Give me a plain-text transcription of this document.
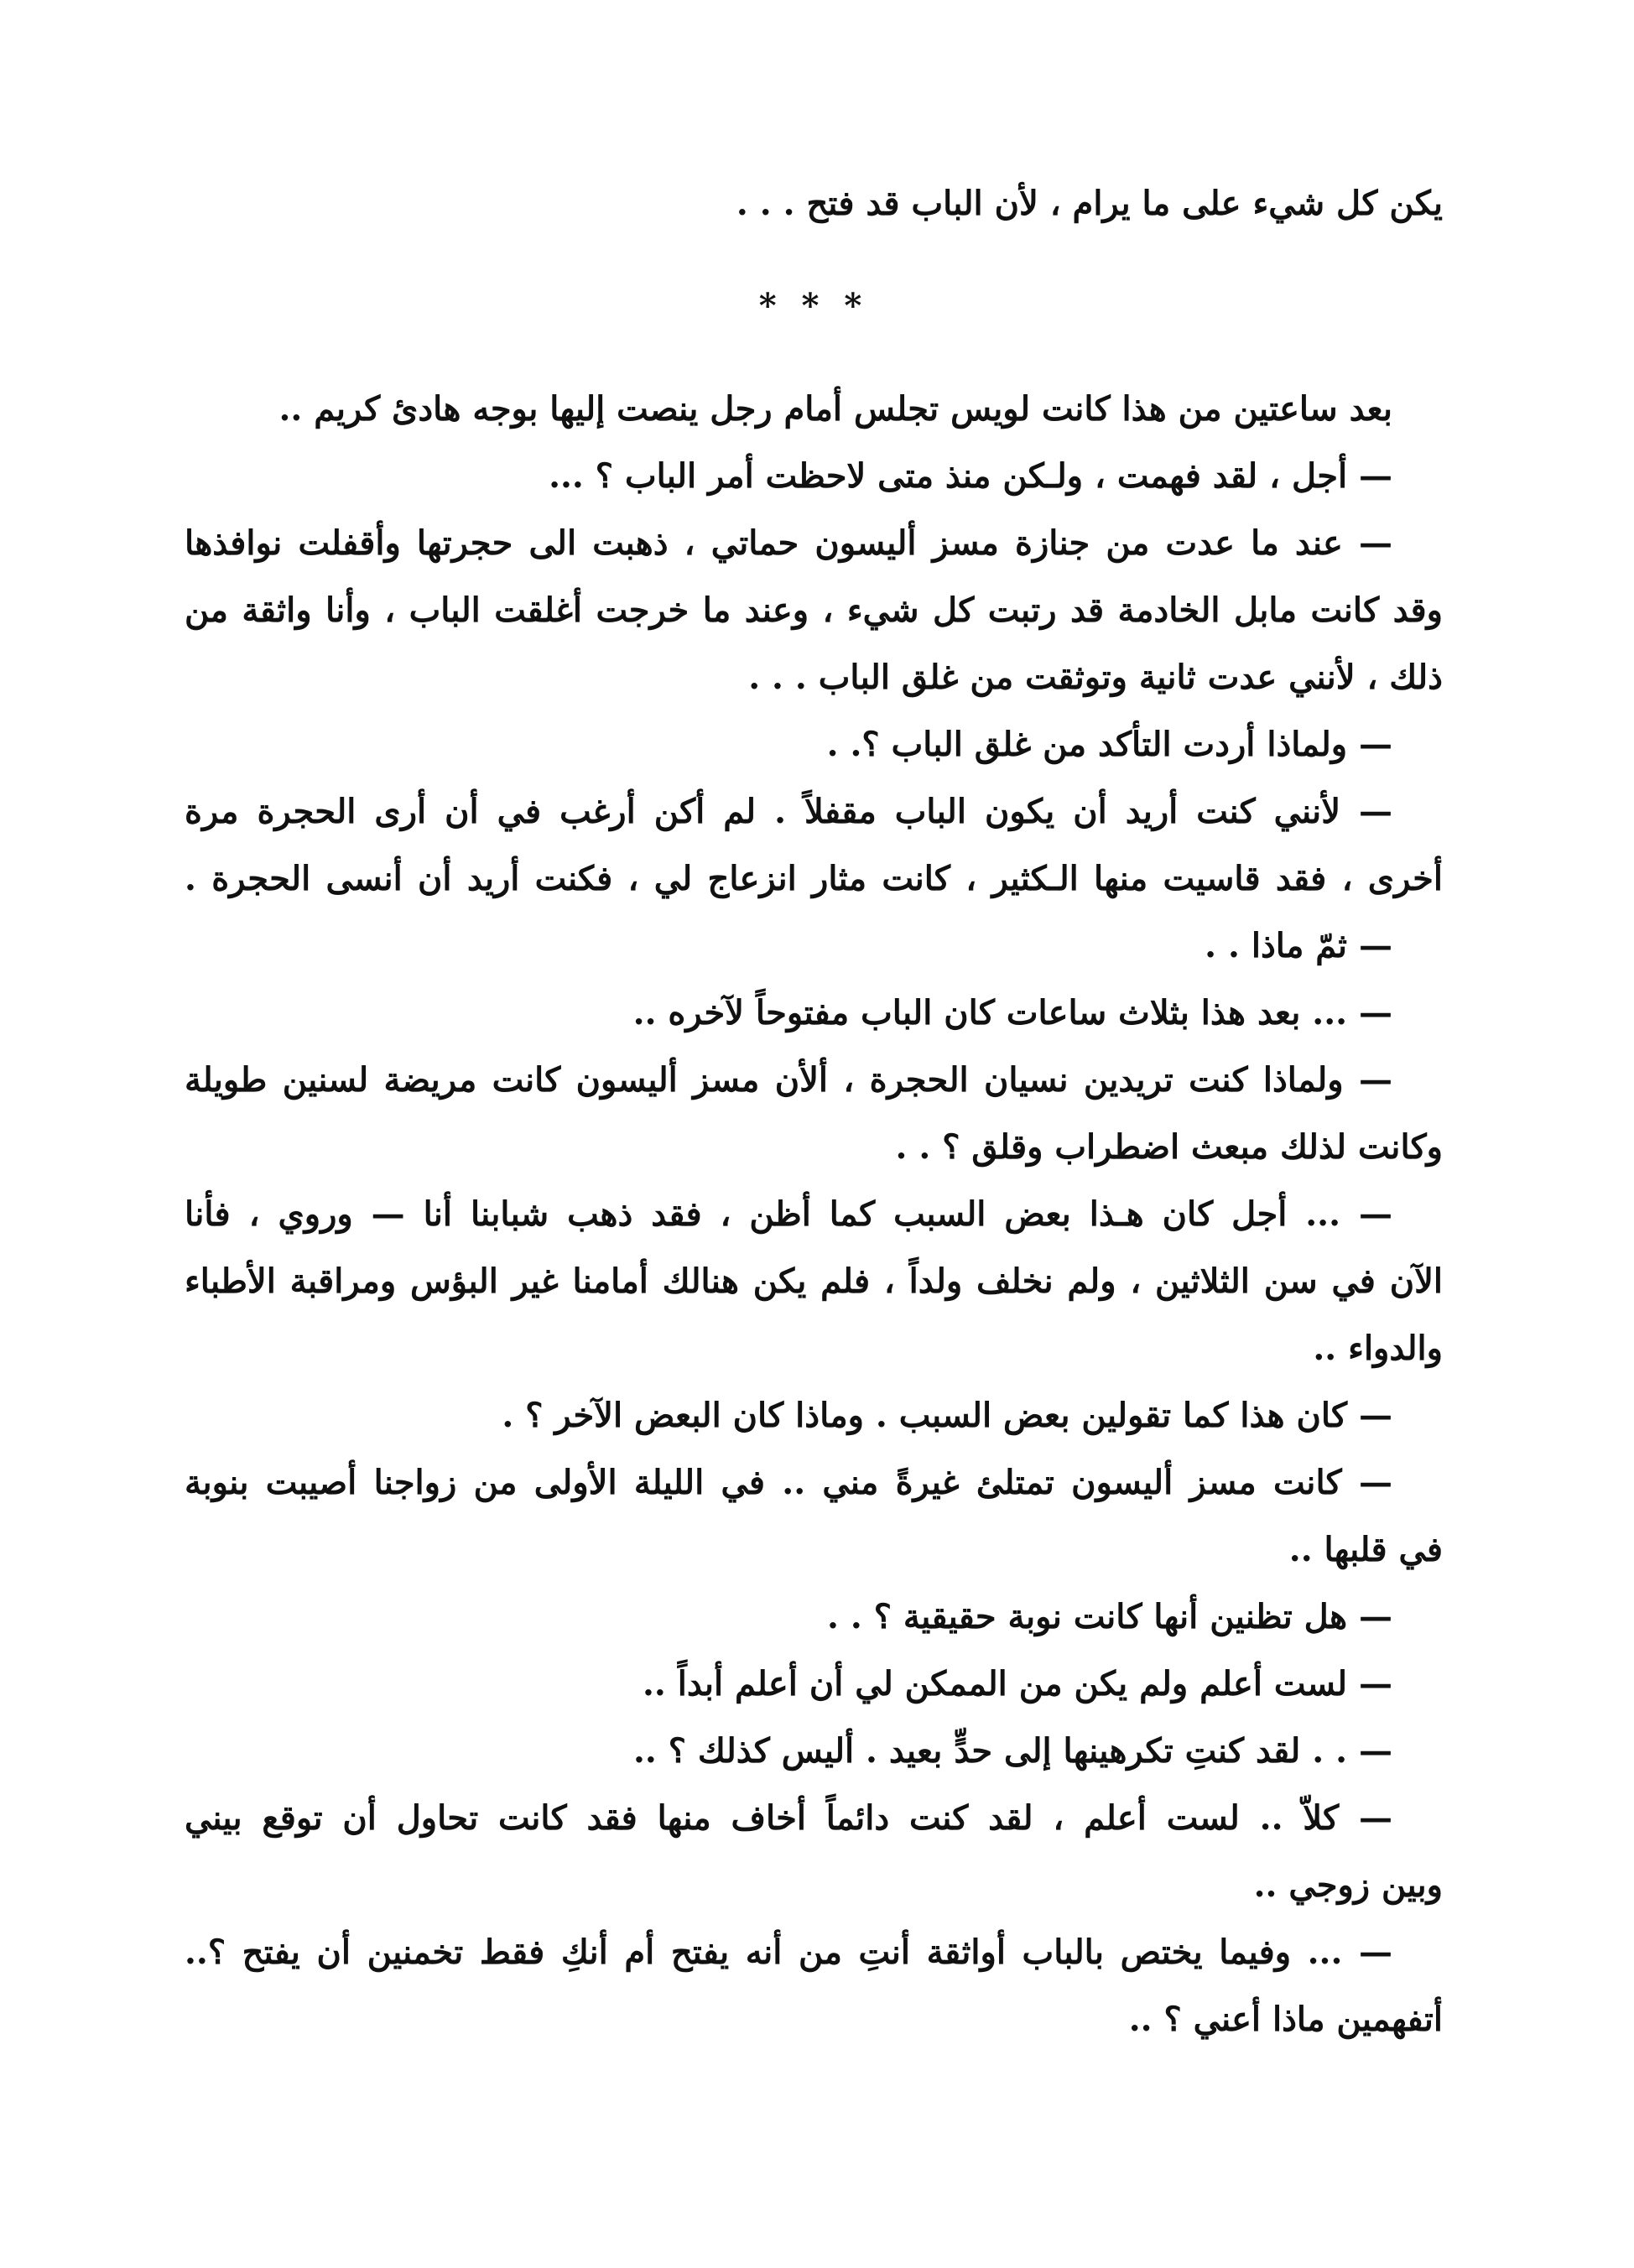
يكن كل شيء على ما يرام ، لأن الباب قد فتح . . .
* * *
بعد ساعتين من هذا كانت لويس تجلس أمام رجل ينصت إليها بوجه هادئ كريم ..
— أجل ، لقد فهمت ، ولـكن منذ متى لاحظت أمر الباب ؟ ...
— عند ما عدت من جنازة مسز أليسون حماتي ، ذهبت الى حجرتها وأقفلت نوافذها
وقد كانت مابل الخادمة قد رتبت كل شيء ، وعند ما خرجت أغلقت الباب ، وأنا واثقة من
ذلك ، لأنني عدت ثانية وتوثقت من غلق الباب . . .
— ولماذا أردت التأكد من غلق الباب ؟. .
— لأنني كنت أريد أن يكون الباب مقفلاً . لم أكن أرغب في أن أرى الحجرة مرة
أخرى ، فقد قاسيت منها الـكثير ، كانت مثار انزعاج لي ، فكنت أريد أن أنسى الحجرة .
— ثمّ ماذا . .
— ... بعد هذا بثلاث ساعات كان الباب مفتوحاً لآخره ..
— ولماذا كنت تريدين نسيان الحجرة ، ألأن مسز أليسون كانت مريضة لسنين طويلة
وكانت لذلك مبعث اضطراب وقلق ؟ . .
— ... أجل كان هـذا بعض السبب كما أظن ، فقد ذهب شبابنا أنا — وروي ، فأنا
الآن في سن الثلاثين ، ولم نخلف ولداً ، فلم يكن هنالك أمامنا غير البؤس ومراقبة الأطباء
والدواء ..
— كان هذا كما تقولين بعض السبب . وماذا كان البعض الآخر ؟ .
— كانت مسز أليسون تمتلئ غيرةً مني .. في الليلة الأولى من زواجنا أصيبت بنوبة
في قلبها ..
— هل تظنين أنها كانت نوبة حقيقية ؟ . .
— لست أعلم ولم يكن من الممكن لي أن أعلم أبداً ..
— . . لقد كنتِ تكرهينها إلى حدٍّ بعيد . أليس كذلك ؟ ..
— كلاّ .. لست أعلم ، لقد كنت دائماً أخاف منها فقد كانت تحاول أن توقع بيني
وبين زوجي ..
— ... وفيما يختص بالباب أواثقة أنتِ من أنه يفتح أم أنكِ فقط تخمنين أن يفتح ؟..
أتفهمين ماذا أعني ؟ ..
